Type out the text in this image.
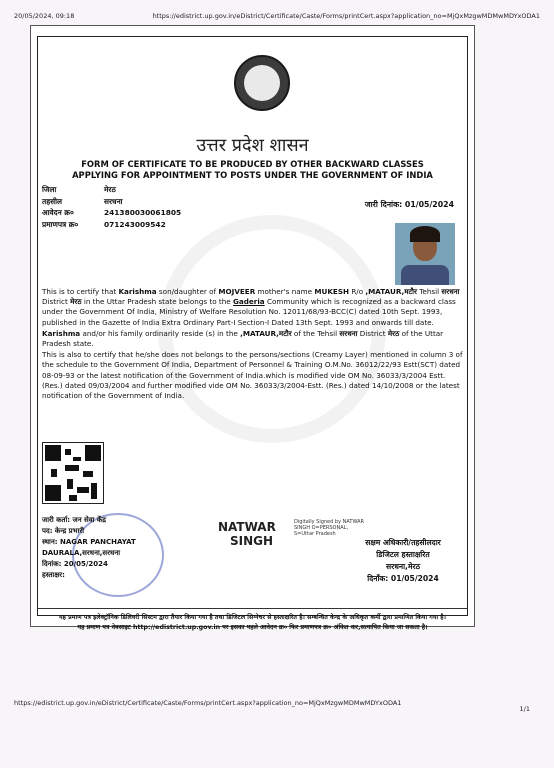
20/05/2024, 09:18	https://edistrict.up.gov.in/eDistrict/Certificate/Caste/Forms/printCert.aspx?application_no=MjQxMzgwMDMwMDYxODA1
उत्तर प्रदेश शासन
FORM OF CERTIFICATE TO BE PRODUCED BY OTHER BACKWARD CLASSES
APPLYING FOR APPOINTMENT TO POSTS UNDER THE GOVERNMENT OF INDIA
जिला	मेरठ
तहसील	सरधना
आवेदन क्र०	241380030061805
प्रमाणपत्र क्र०	071243009542
जारी दिनांक: 01/05/2024

This is to certify that Karishma son/daughter of MOJVEER mother's name MUKESH R/o ,MATAUR,मटौर Tehsil सरधना District मेरठ in the Uttar Pradesh state belongs to the Gaderia Community which is recognized as a backward class under the Government Of India, Ministry of Welfare Resolution No. 12011/68/93-BCC(C) dated 10th Sept. 1993, published in the Gazette of India Extra Ordinary Part-I Section-I Dated 13th Sept. 1993 and onwards till date.

Karishma and/or his family ordinarily reside (s) in the ,MATAUR,मटौर of the Tehsil सरधना District मेरठ of the Uttar Pradesh state.

This is also to certify that he/she does not belongs to the persons/sections (Creamy Layer) mentioned in column 3 of the schedule to the Government Of India, Department of Personnel & Training O.M.No. 36012/22/93 Estt(SCT) dated 08-09-93 or the latest notification of the Government of India.which is modified vide OM No. 36033/3/2004 Estt.(Res.) dated 09/03/2004 and further modified vide OM No. 36033/3/2004-Estt. (Res.) dated 14/10/2008 or the latest notification of the Government of India.

जारी कर्ता: जन सेवा केंद्र
पद: केन्द्र प्रभारी
स्थान: NAGAR PANCHAYAT
DAURALA,सरधना,सरधना
दिनांक: 20/05/2024
हस्ताक्षर:
NATWAR
SINGH
Digitally Signed by NATWAR
SINGH O=PERSONAL,
S=Uttar Pradesh
सक्षम अधिकारी/तहसीलदार
डिजिटल हस्ताक्षरित
सरधना,मेरठ
दिनाँक: 01/05/2024
यह प्रमाण पत्र इलेक्ट्रॉनिक डिलिवरी सिस्टम द्वारा तैयार किया गया है तथा डिजिटल सिग्नेचर से हस्ताक्षरित है। सम्बन्धित केन्द्र के अधिकृत कर्मी द्वारा प्रमाणित किया गया है।
यह प्रमाण पत्र वेबसाइट http://edistrict.up.gov.in पर इसका पहले आवेदन क्र० फिर प्रमाणपत्र क्र० अंकित कर,सत्यापित किया जा सकता है।
https://edistrict.up.gov.in/eDistrict/Certificate/Caste/Forms/printCert.aspx?application_no=MjQxMzgwMDMwMDYxODA1
1/1
